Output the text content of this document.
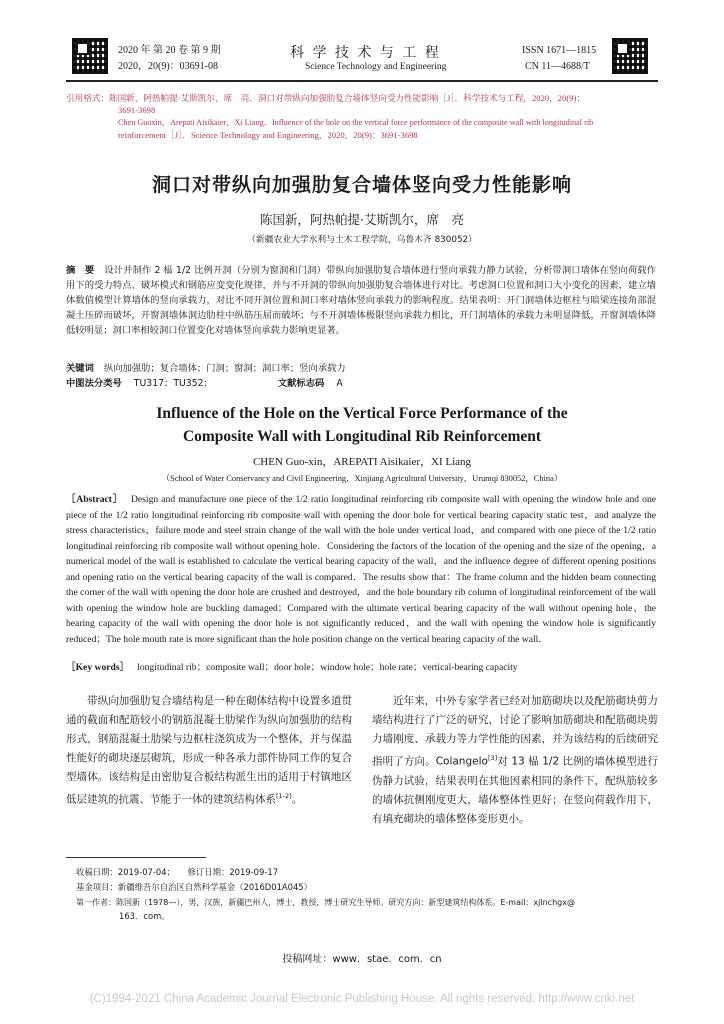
2020 年 第 20 卷 第 9 期
2020，20(9)：03691-08
科 学 技 术 与 工 程
Science Technology and Engineering
ISSN 1671—1815
CN 11—4688/T
引用格式：陈国新，阿热帕提·艾斯凯尔，席　亮．洞口对带纵向加强肋复合墙体竖向受力性能影响［J］．科学技术与工程，2020，20(9)：
3691-3698
Chen Guoxin，Arepati Aisikaier，Xi Liang．Influence of the hole on the vertical force performance of the composite wall with longitudinal rib
reinforcement［J］．Science Technology and Engineering，2020，20(9)：3691-3698
洞口对带纵向加强肋复合墙体竖向受力性能影响
陈国新，阿热帕提·艾斯凯尔，席　亮
（新疆农业大学水利与土木工程学院，乌鲁木齐 830052）
摘　要 设计并制作 2 榀 1/2 比例开洞（分别为窗洞和门洞）带纵向加强肋复合墙体进行竖向承载力静力试验，分析带洞口墙体在竖向荷载作用下的受力特点、破坏模式和钢筋应变变化规律，并与不开洞的带纵向加强肋复合墙体进行对比。考虑洞口位置和洞口大小变化的因素，建立墙体数值模型计算墙体的竖向承载力，对比不同开洞位置和洞口率对墙体竖向承载力的影响程度。结果表明：开门洞墙体边框柱与暗梁连接角部混凝土压碎而破坏，开窗洞墙体洞边肋柱中纵筋压屈而破坏；与不开洞墙体极限竖向承载力相比，开门洞墙体的承载力未明显降低，开窗洞墙体降低较明显；洞口率相较洞口位置变化对墙体竖向承载力影响更显著。
关键词 纵向加强肋；复合墙体；门洞；窗洞；洞口率；竖向承载力
中图法分类号 TU317；TU352；	文献标志码 A
Influence of the Hole on the Vertical Force Performance of the
Composite Wall with Longitudinal Rib Reinforcement
CHEN Guo-xin，AREPATI Aisikaier，XI Liang
（School of Water Conservancy and Civil Engineering，Xinjiang Agricultural University，Urumqi 830052，China）
［Abstract］ Design and manufacture one piece of the 1/2 ratio longitudinal reinforcing rib composite wall with opening the window hole and one piece of the 1/2 ratio longitudinal reinforcing rib composite wall with opening the door hole for vertical bearing capacity static test，and analyze the stress characteristics，failure mode and steel strain change of the wall with the hole under vertical load，and compared with one piece of the 1/2 ratio longitudinal reinforcing rib composite wall without opening hole．Considering the factors of the location of the opening and the size of the opening，a numerical model of the wall is established to calculate the vertical bearing capacity of the wall，and the influence degree of different opening positions and opening ratio on the vertical bearing capacity of the wall is compared．The results show that：The frame column and the hidden beam connecting the corner of the wall with opening the door hole are crushed and destroyed，and the hole boundary rib column of longitudinal reinforcement of the wall with opening the window hole are buckling damaged；Compared with the ultimate vertical bearing capacity of the wall without opening hole，the bearing capacity of the wall with opening the door hole is not significantly reduced，and the wall with opening the window hole is significantly reduced；The hole mouth rate is more significant than the hole position change on the vertical bearing capacity of the wall．
［Key words］ longitudinal rib；composite wall；door hole；window hole；hole rate；vertical-bearing capacity
带纵向加强肋复合墙结构是一种在砌体结构中设置多道贯通的截面和配筋较小的钢筋混凝土肋梁作为纵向加强肋的结构形式，钢筋混凝土肋梁与边框柱浇筑成为一个整体，并与保温性能好的砌块逐层砌筑，形成一种各承力部件协同工作的复合型墙体。该结构是由密肋复合板结构派生出的适用于村镇地区低层建筑的抗震、节能于一体的建筑结构体系[1-2]。
近年来，中外专家学者已经对加筋砌块以及配筋砌块剪力墙结构进行了广泛的研究，讨论了影响加筋砌块和配筋砌块剪力墙刚度、承载力等力学性能的因素，并为该结构的后续研究指明了方向。Colangelo[3]对 13 榀 1/2 比例的墙体模型进行伪静力试验，结果表明在其他因素相同的条件下，配纵筋较多的墙体抗侧刚度更大，墙体整体性更好；在竖向荷载作用下，有填充砌块的墙体整体变形更小。
收稿日期：2019-07-04；　　修订日期：2019-09-17
基金项目：新疆维吾尔自治区自然科学基金（2016D01A045）
第一作者：陈国新（1978—），男，汉族，新疆巴州人，博士，教授，博士研究生导师。研究方向：新型建筑结构体系。E-mail：xjlnchgx@
163．com。
投稿网址：www．stae．com．cn
(C)1994-2021 China Academic Journal Electronic Publishing House. All rights reserved. http://www.cnki.net
